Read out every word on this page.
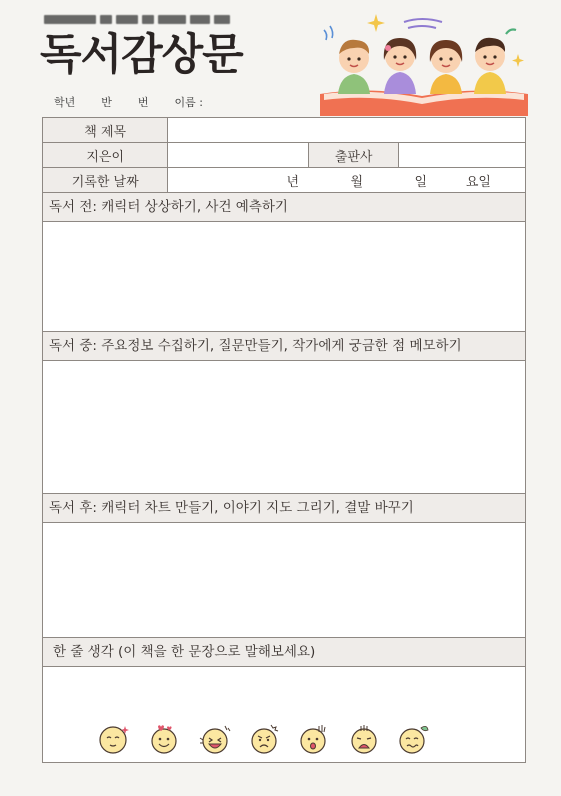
독서감상문
학년 반 번 이름 :
책 제목			
지은이		출판사	
기록한 날짜	년 월 일 요일		
독서 전: 캐릭터 상상하기, 사건 예측하기
독서 중: 주요정보 수집하기, 질문만들기, 작가에게 궁금한 점 메모하기
독서 후: 캐릭터 차트 만들기, 이야기 지도 그리기, 결말 바꾸기
한 줄 생각 (이 책을 한 문장으로 말해보세요)
